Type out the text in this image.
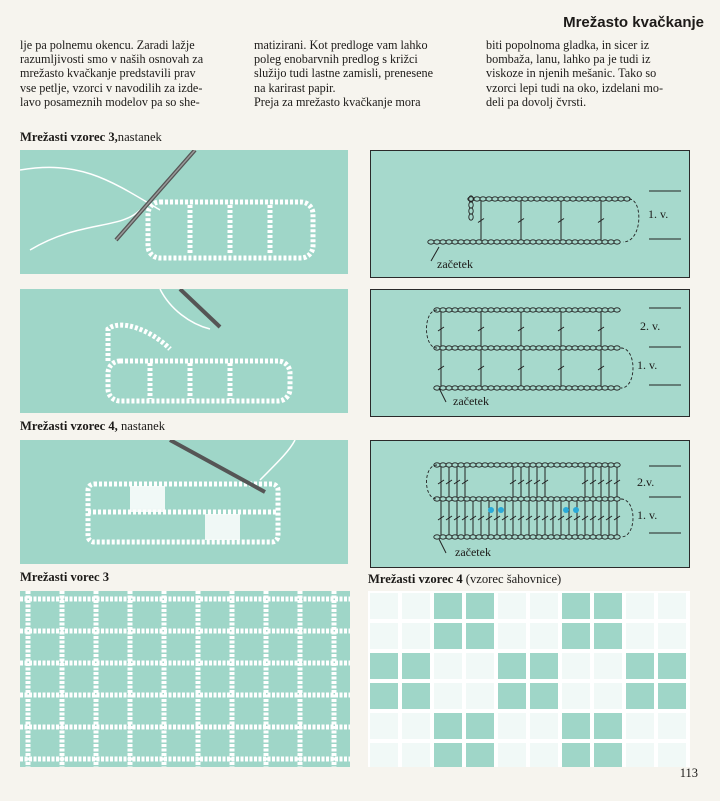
Mrežasto kvačkanje

lje pa polnemu okencu. Zaradi lažje

razumljivosti smo v naših osnovah za

mrežasto kvačkanje predstavili prav

vse petlje, vzorci v navodilih za izde-

lavo posameznih modelov pa so she-

matizirani. Kot predloge vam lahko

poleg enobarvnih predlog s križci

služijo tudi lastne zamisli, prenesene

na karirast papir.

Preja za mrežasto kvačkanje mora

biti popolnoma gladka, in sicer iz

bombaža, lanu, lahko pa je tudi iz

viskoze in njenih mešanic. Tako so

vzorci lepi tudi na oko, izdelani mo-

deli pa dovolj čvrsti.

Mrežasti vzorec 3,nastanek
1. v.
začetek
2. v.
1. v.
začetek
Mrežasti vzorec 4, nastanek
2.v.
1. v.
začetek
Mrežasti vorec 3	Mrežasti vzorec 4 (vzorec šahovnice)
113
